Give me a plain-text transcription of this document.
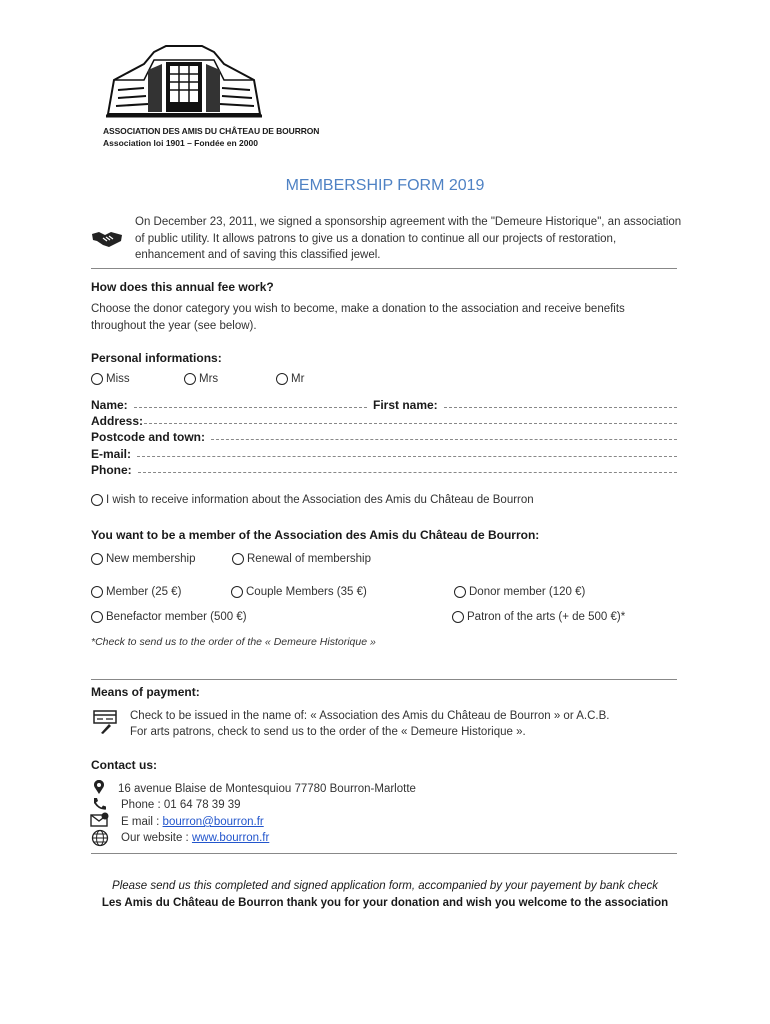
ASSOCIATION DES AMIS DU CHÂTEAU DE BOURRON
Association loi 1901 – Fondée en 2000
MEMBERSHIP FORM 2019
On December 23, 2011, we signed a sponsorship agreement with the "Demeure Historique", an association of public utility. It allows patrons to give us a donation to continue all our projects of restoration, enhancement and of saving this classified jewel.
How does this annual fee work?
Choose the donor category you wish to become, make a donation to the association and receive benefits throughout the year (see below).
Personal informations:
Miss	Mrs	Mr
Name:	First name:
Address:
Postcode and town:
E-mail:
Phone:
I wish to receive information about the Association des Amis du Château de Bourron
You want to be a member of the Association des Amis du Château de Bourron:
New membership	Renewal of membership
Member (25 €)	Couple Members (35 €)	Donor member (120 €)
Benefactor member (500 €)	Patron of the arts (+ de 500 €)*
*Check to send us to the order of the « Demeure Historique »
Means of payment:
Check to be issued in the name of: « Association des Amis du Château de Bourron » or A.C.B.
For arts patrons, check to send us to the order of the « Demeure Historique ».
Contact us:
16 avenue Blaise de Montesquiou 77780 Bourron-Marlotte
Phone : 01 64 78 39 39
E mail : bourron@bourron.fr
Our website : www.bourron.fr
Please send us this completed and signed application form, accompanied by your payement by bank check
Les Amis du Château de Bourron thank you for your donation and wish you welcome to the association
